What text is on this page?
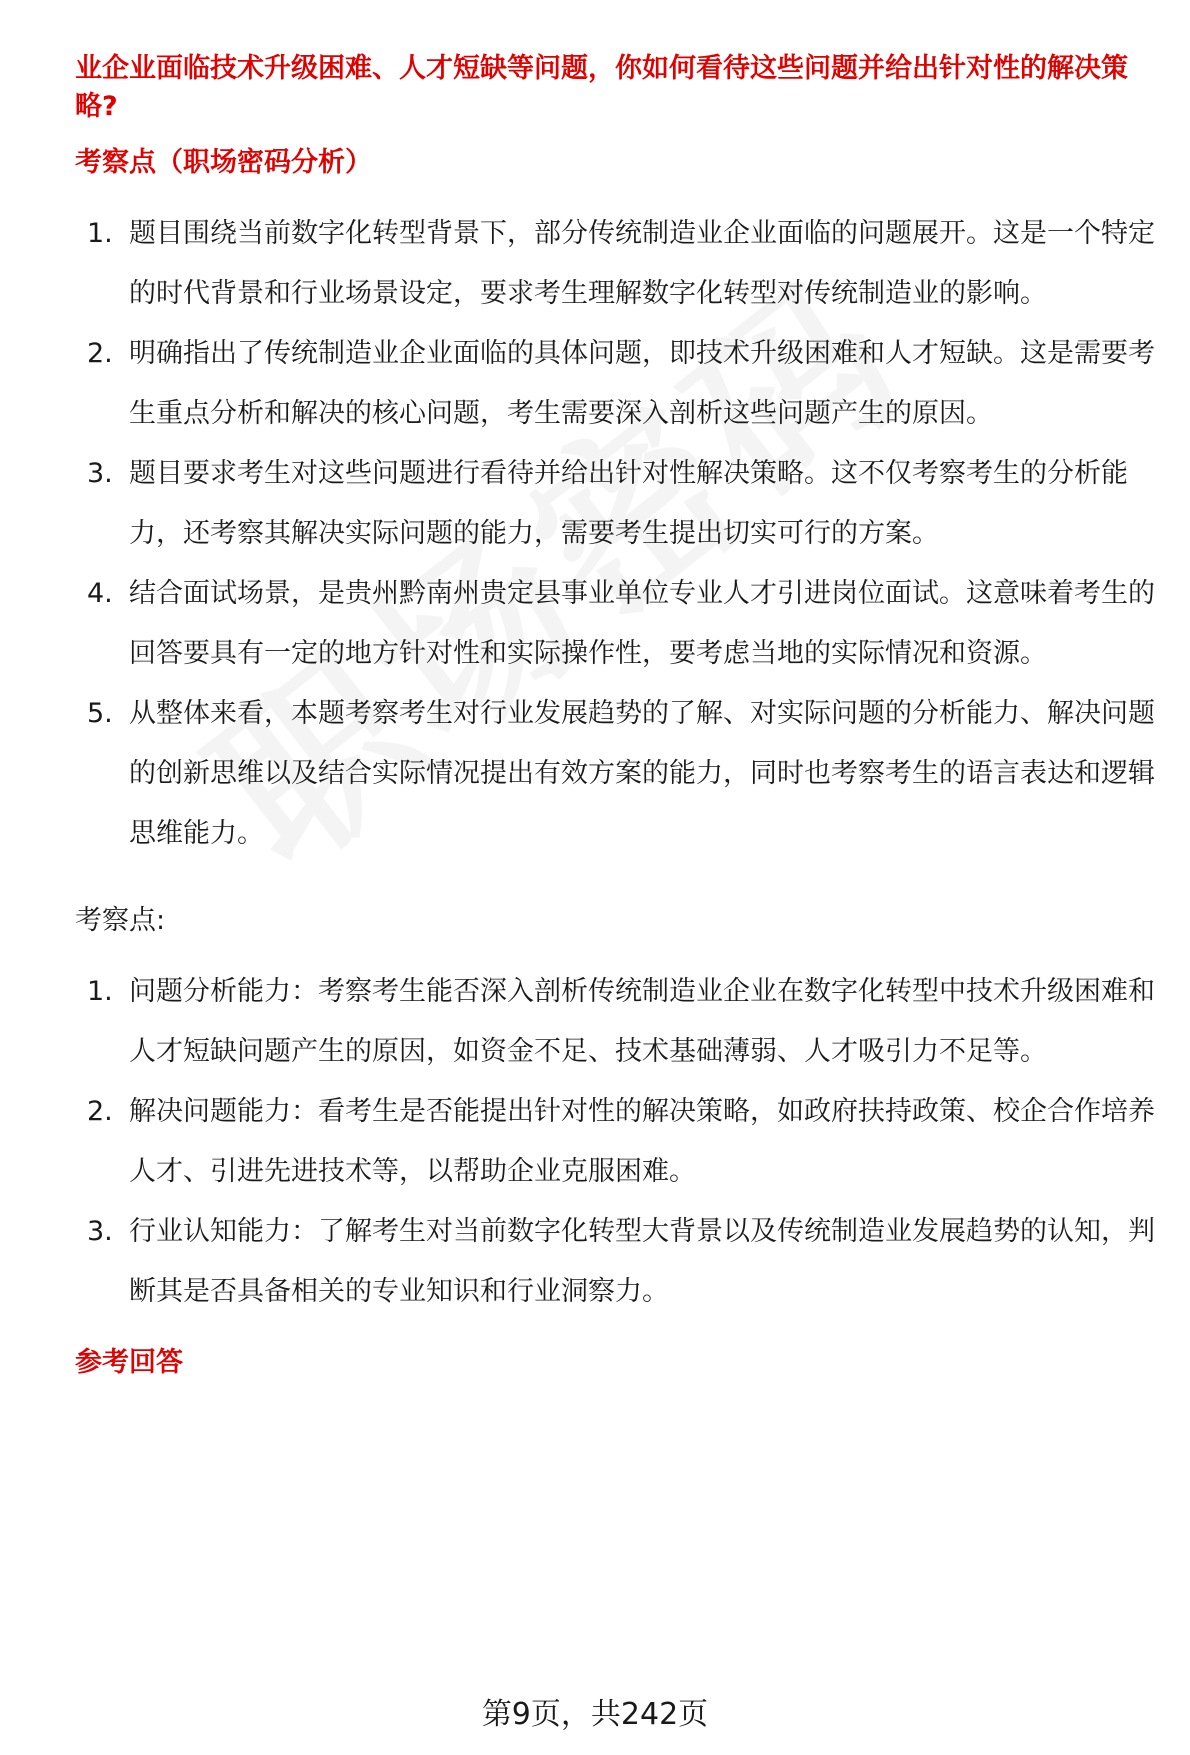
业企业面临技术升级困难、人才短缺等问题，你如何看待这些问题并给出针对性的解决策略?

考察点（职场密码分析）

1. 题目围绕当前数字化转型背景下，部分传统制造业企业面临的问题展开。这是一个特定的时代背景和行业场景设定，要求考生理解数字化转型对传统制造业的影响。
2. 明确指出了传统制造业企业面临的具体问题，即技术升级困难和人才短缺。这是需要考生重点分析和解决的核心问题，考生需要深入剖析这些问题产生的原因。
3. 题目要求考生对这些问题进行看待并给出针对性解决策略。这不仅考察考生的分析能力，还考察其解决实际问题的能力，需要考生提出切实可行的方案。
4. 结合面试场景，是贵州黔南州贵定县事业单位专业人才引进岗位面试。这意味着考生的回答要具有一定的地方针对性和实际操作性，要考虑当地的实际情况和资源。
5. 从整体来看，本题考察考生对行业发展趋势的了解、对实际问题的分析能力、解决问题的创新思维以及结合实际情况提出有效方案的能力，同时也考察考生的语言表达和逻辑思维能力。

考察点:

1. 问题分析能力：考察考生能否深入剖析传统制造业企业在数字化转型中技术升级困难和人才短缺问题产生的原因，如资金不足、技术基础薄弱、人才吸引力不足等。
2. 解决问题能力：看考生是否能提出针对性的解决策略，如政府扶持政策、校企合作培养人才、引进先进技术等，以帮助企业克服困难。
3. 行业认知能力：了解考生对当前数字化转型大背景以及传统制造业发展趋势的认知，判断其是否具备相关的专业知识和行业洞察力。

参考回答

第9页，共242页
